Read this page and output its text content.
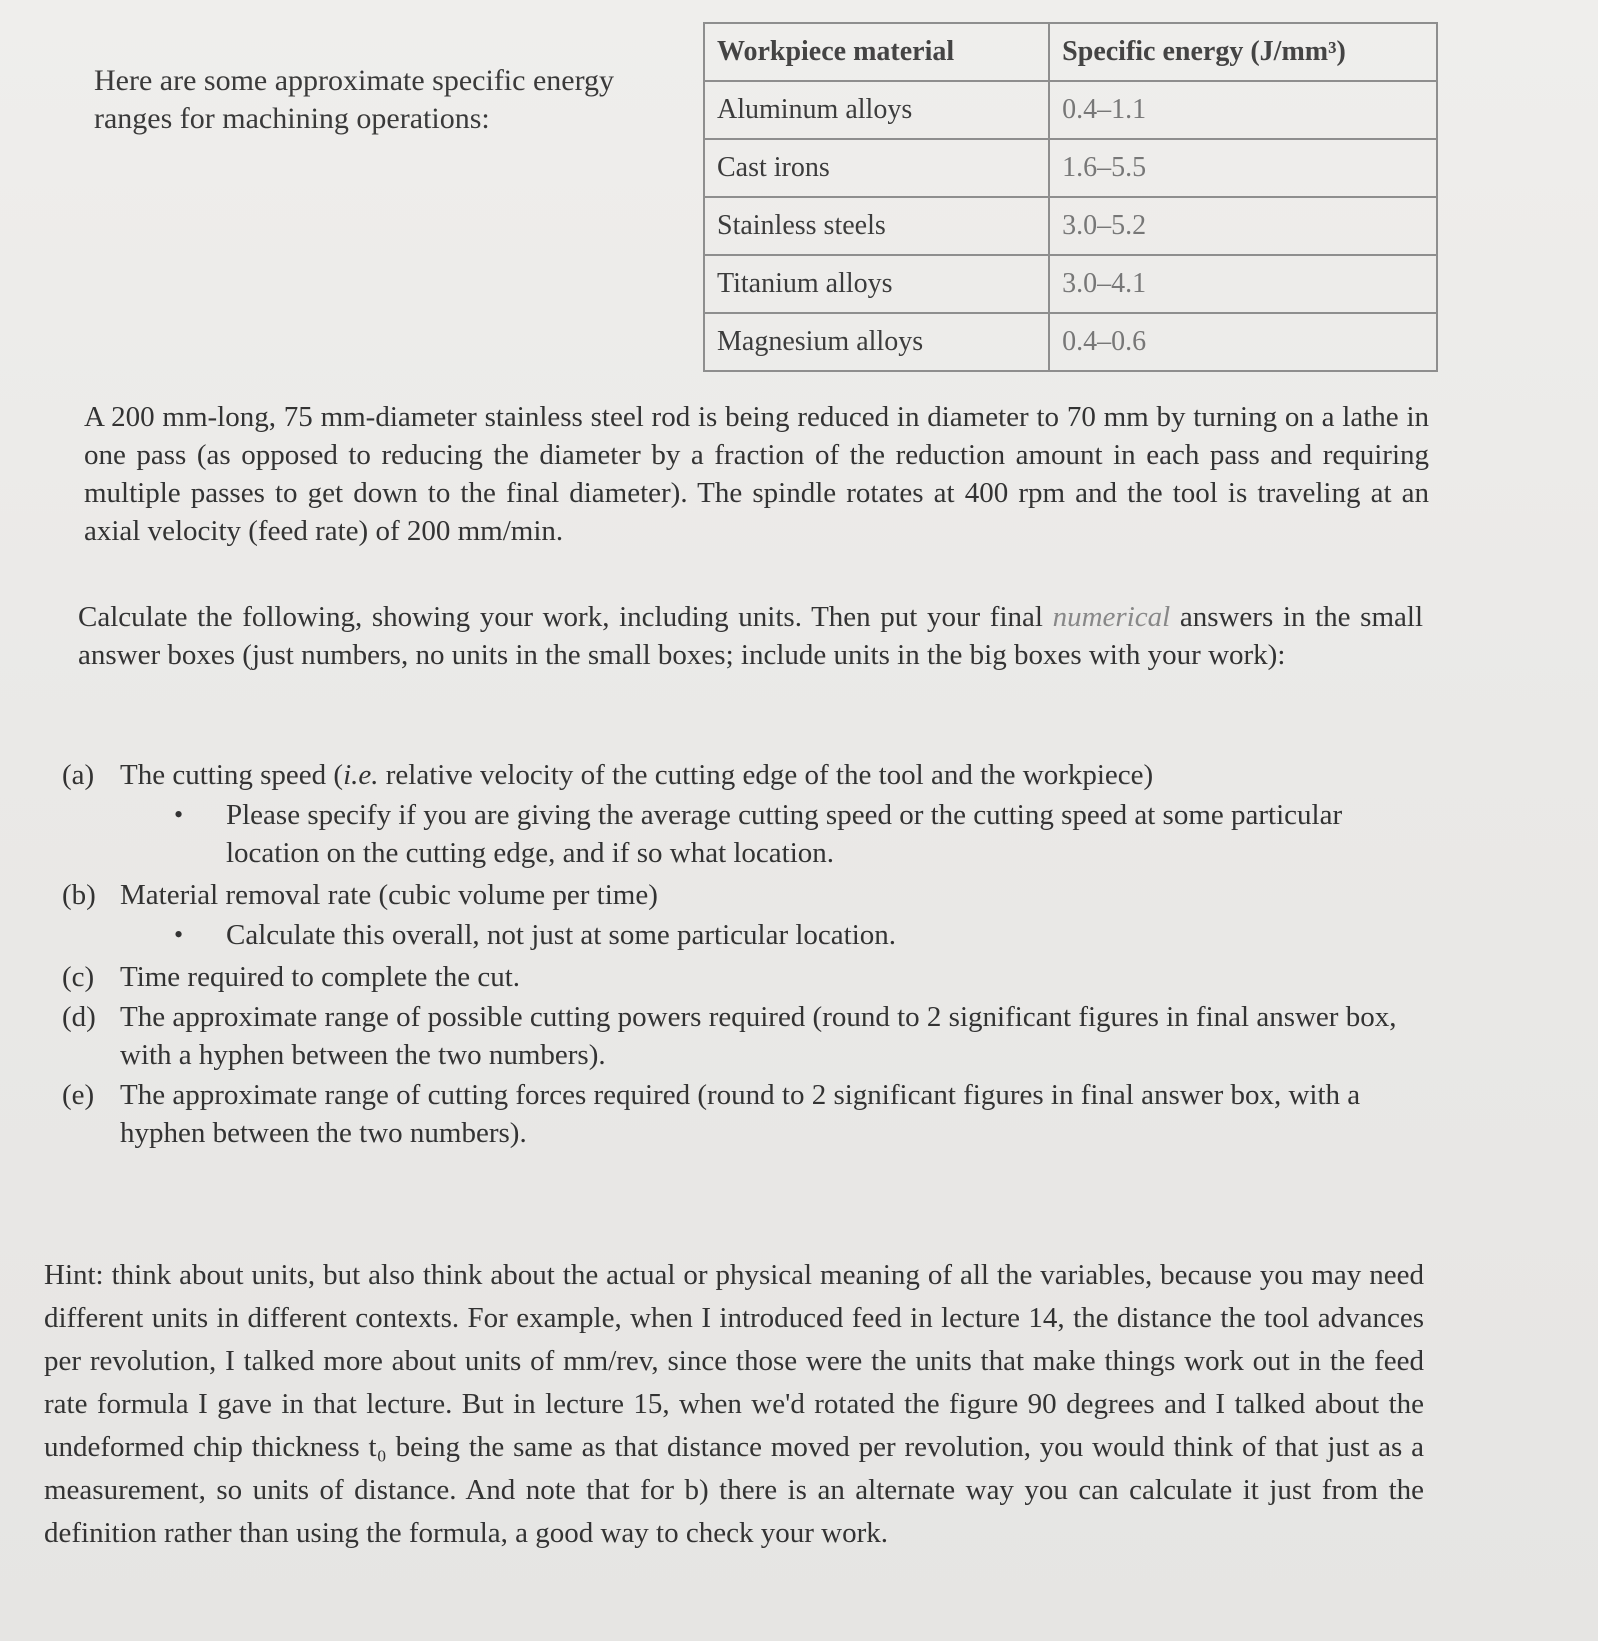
Here are some approximate specific energy ranges for machining operations:
Workpiece material	Specific energy (J/mm³)
Aluminum alloys	0.4–1.1
Cast irons	1.6–5.5
Stainless steels	3.0–5.2
Titanium alloys	3.0–4.1
Magnesium alloys	0.4–0.6
A 200 mm-long, 75 mm-diameter stainless steel rod is being reduced in diameter to 70 mm by turning on a lathe in one pass (as opposed to reducing the diameter by a fraction of the reduction amount in each pass and requiring multiple passes to get down to the final diameter). The spindle rotates at 400 rpm and the tool is traveling at an axial velocity (feed rate) of 200 mm/min.
Calculate the following, showing your work, including units. Then put your final numerical answers in the small answer boxes (just numbers, no units in the small boxes; include units in the big boxes with your work):
(a) The cutting speed (i.e. relative velocity of the cutting edge of the tool and the workpiece)
•	Please specify if you are giving the average cutting speed or the cutting speed at some particular location on the cutting edge, and if so what location.
(b) Material removal rate (cubic volume per time)
•	Calculate this overall, not just at some particular location.
(c) Time required to complete the cut.
(d) The approximate range of possible cutting powers required (round to 2 significant figures in final answer box, with a hyphen between the two numbers).
(e) The approximate range of cutting forces required (round to 2 significant figures in final answer box, with a hyphen between the two numbers).
Hint: think about units, but also think about the actual or physical meaning of all the variables, because you may need different units in different contexts. For example, when I introduced feed in lecture 14, the distance the tool advances per revolution, I talked more about units of mm/rev, since those were the units that make things work out in the feed rate formula I gave in that lecture. But in lecture 15, when we'd rotated the figure 90 degrees and I talked about the undeformed chip thickness t₀ being the same as that distance moved per revolution, you would think of that just as a measurement, so units of distance. And note that for b) there is an alternate way you can calculate it just from the definition rather than using the formula, a good way to check your work.
